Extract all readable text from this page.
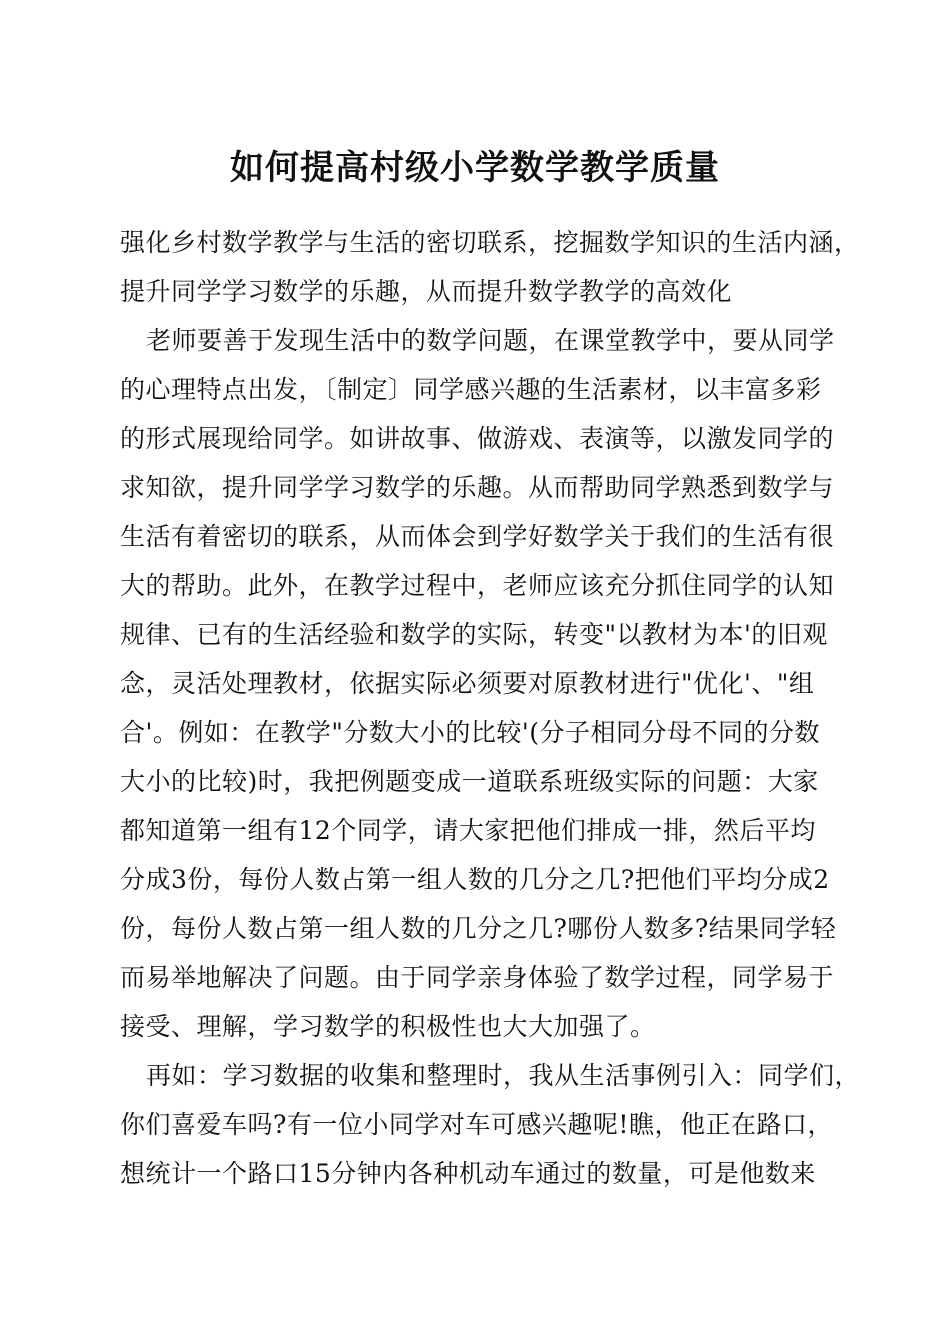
如何提高村级小学数学教学质量
强化乡村数学教学与生活的密切联系，挖掘数学知识的生活内涵，
提升同学学习数学的乐趣，从而提升数学教学的高效化
老师要善于发现生活中的数学问题，在课堂教学中，要从同学
的心理特点出发，〔制定〕同学感兴趣的生活素材，以丰富多彩
的形式展现给同学。如讲故事、做游戏、表演等，以激发同学的
求知欲，提升同学学习数学的乐趣。从而帮助同学熟悉到数学与
生活有着密切的联系，从而体会到学好数学关于我们的生活有很
大的帮助。此外，在教学过程中，老师应该充分抓住同学的认知
规律、已有的生活经验和数学的实际，转变"以教材为本'的旧观
念，灵活处理教材，依据实际必须要对原教材进行"优化'、"组
合'。例如：在教学"分数大小的比较'(分子相同分母不同的分数
大小的比较)时，我把例题变成一道联系班级实际的问题：大家
都知道第一组有12个同学，请大家把他们排成一排，然后平均
分成3份，每份人数占第一组人数的几分之几?把他们平均分成2
份，每份人数占第一组人数的几分之几?哪份人数多?结果同学轻
而易举地解决了问题。由于同学亲身体验了数学过程，同学易于
接受、理解，学习数学的积极性也大大加强了。
再如：学习数据的收集和整理时，我从生活事例引入：同学们，
你们喜爱车吗?有一位小同学对车可感兴趣呢!瞧，他正在路口，
想统计一个路口15分钟内各种机动车通过的数量，可是他数来
